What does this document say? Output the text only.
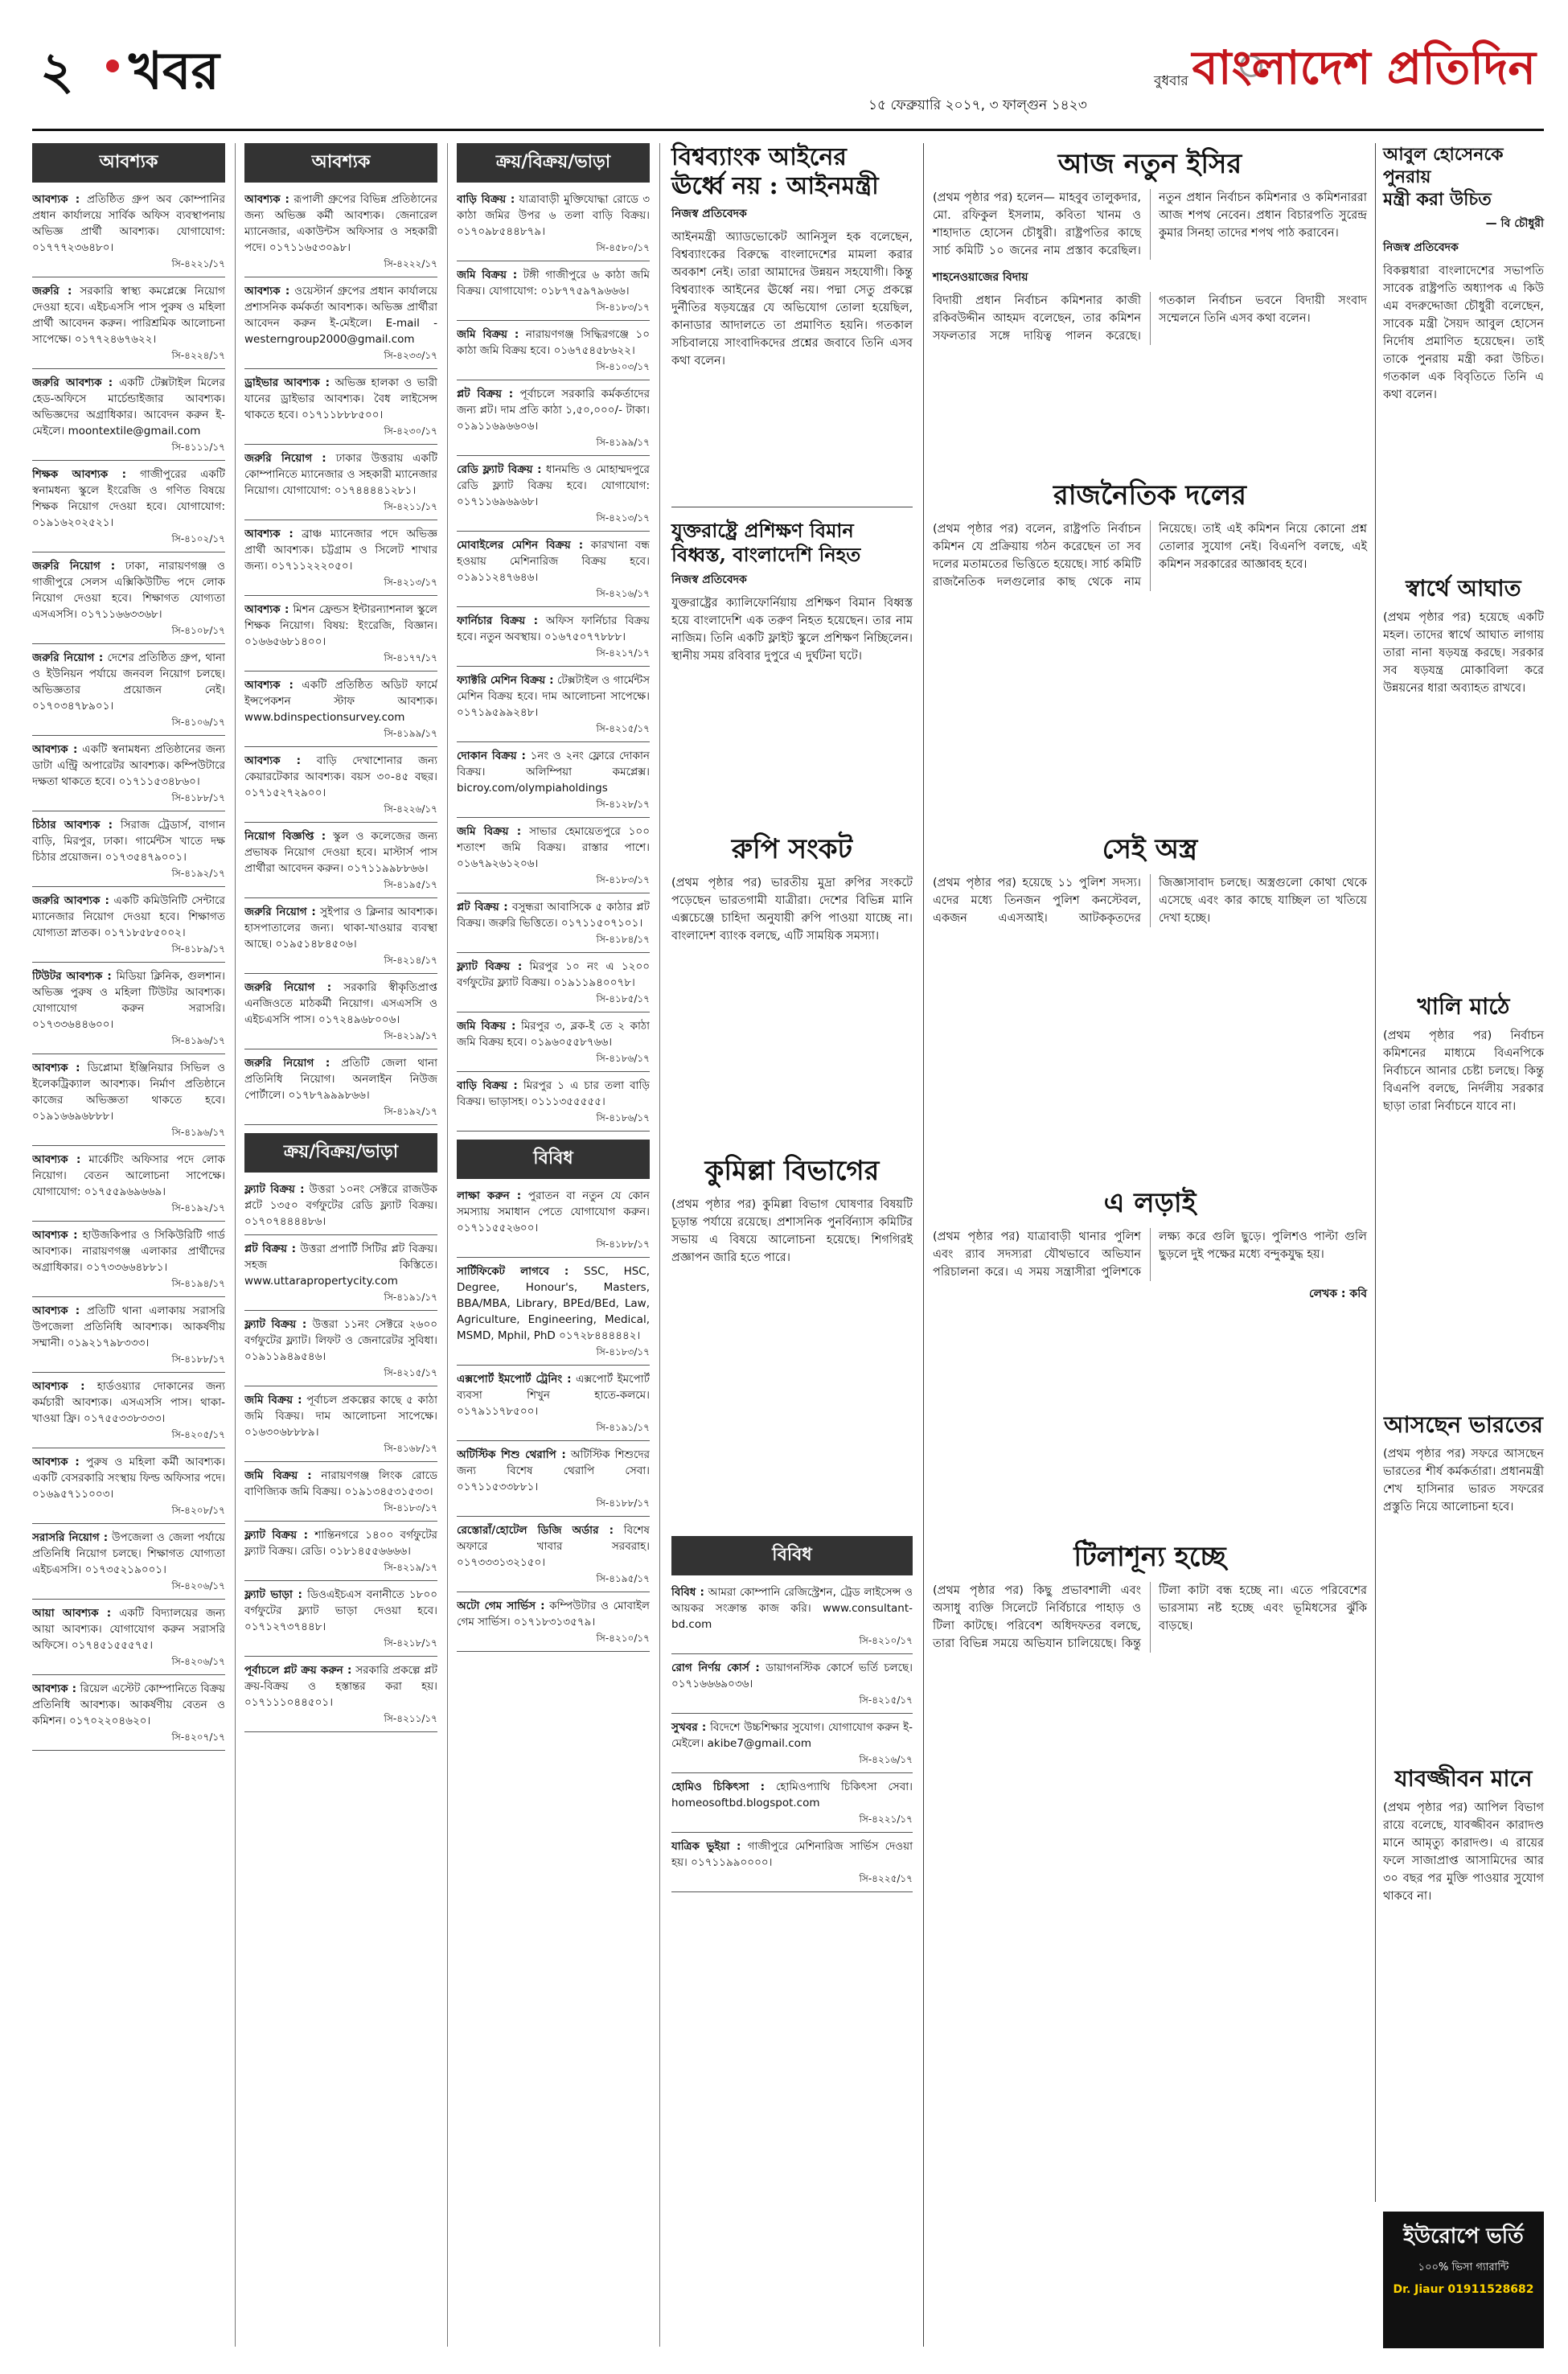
২ খবর	বুধবার
১৫ ফেব্রুয়ারি ২০১৭, ৩ ফাল্গুন ১৪২৩
বাংলাদেশ প্রতিদিন
আবশ্যক
আবশ্যক : প্রতিষ্ঠিত গ্রুপ অব কোম্পানির প্রধান কার্যালয়ে সার্বিক অফিস ব্যবস্থাপনায় অভিজ্ঞ প্রার্থী আবশ্যক। যোগাযোগ: ০১৭৭৭২৩৬৪৮০।
সি-৪২২১/১৭
জরুরি : সরকারি স্বাস্থ্য কমপ্লেক্সে নিয়োগ দেওয়া হবে। এইচএসসি পাস পুরুষ ও মহিলা প্রার্থী আবেদন করুন। পারিশ্রমিক আলোচনা সাপেক্ষে। ০১৭৭২৪৬৭৬২২।
সি-৪২২৪/১৭
জরুরি আবশ্যক : একটি টেক্সটাইল মিলের হেড-অফিসে মার্চেন্ডাইজার আবশ্যক। অভিজ্ঞদের অগ্রাধিকার। আবেদন করুন ই-মেইলে। moontextile@gmail.com
সি-৪১১১/১৭
শিক্ষক আবশ্যক : গাজীপুরের একটি স্বনামধন্য স্কুলে ইংরেজি ও গণিত বিষয়ে শিক্ষক নিয়োগ দেওয়া হবে। যোগাযোগ: ০১৯১৬২০২৫২১।
সি-৪১০২/১৭
জরুরি নিয়োগ : ঢাকা, নারায়ণগঞ্জ ও গাজীপুরে সেলস এক্সিকিউটিভ পদে লোক নিয়োগ দেওয়া হবে। শিক্ষাগত যোগ্যতা এসএসসি। ০১৭১১৬৬৩৩৬৮।
সি-৪১০৮/১৭
জরুরি নিয়োগ : দেশের প্রতিষ্ঠিত গ্রুপ, থানা ও ইউনিয়ন পর্যায়ে জনবল নিয়োগ চলছে। অভিজ্ঞতার প্রয়োজন নেই। ০১৭০৩৪৭৮৯০১।
সি-৪১০৬/১৭
আবশ্যক : একটি স্বনামধন্য প্রতিষ্ঠানের জন্য ডাটা এন্ট্রি অপারেটর আবশ্যক। কম্পিউটারে দক্ষতা থাকতে হবে। ০১৭১১৫৩৪৮৬০।
সি-৪১৮৮/১৭
চিঠার আবশ্যক : সিরাজ ট্রেডার্স, বাগান বাড়ি, মিরপুর, ঢাকা। গার্মেন্টস খাতে দক্ষ চিঠার প্রয়োজন। ০১৭৩৫৪৭৯০০১।
সি-৪১৯২/১৭
জরুরি আবশ্যক : একটি কমিউনিটি সেন্টারে ম্যানেজার নিয়োগ দেওয়া হবে। শিক্ষাগত যোগ্যতা স্নাতক। ০১৭১৮৫৮৫০০২।
সি-৪১৮৯/১৭
টিউটর আবশ্যক : মিডিয়া ক্লিনিক, গুলশান। অভিজ্ঞ পুরুষ ও মহিলা টিউটর আবশ্যক। যোগাযোগ করুন সরাসরি। ০১৭৩৩৬৪৪৬০০।
সি-৪১৯৬/১৭
আবশ্যক : ডিপ্লোমা ইঞ্জিনিয়ার সিভিল ও ইলেকট্রিক্যাল আবশ্যক। নির্মাণ প্রতিষ্ঠানে কাজের অভিজ্ঞতা থাকতে হবে। ০১৯১৬৬৯৬৮৮৮।
সি-৪১৯৬/১৭
আবশ্যক : মার্কেটিং অফিসার পদে লোক নিয়োগ। বেতন আলোচনা সাপেক্ষে। যোগাযোগ: ০১৭৫৫৯৬৯৬৬৯।
সি-৪১৯২/১৭
আবশ্যক : হাউজকিপার ও সিকিউরিটি গার্ড আবশ্যক। নারায়ণগঞ্জ এলাকার প্রার্থীদের অগ্রাধিকার। ০১৭৩৩৬৬৪৮৮১।
সি-৪১৯৪/১৭
আবশ্যক : প্রতিটি থানা এলাকায় সরাসরি উপজেলা প্রতিনিধি আবশ্যক। আকর্ষণীয় সম্মানী। ০১৯২১৭৯৮৩৩৩।
সি-৪১৮৮/১৭
আবশ্যক : হার্ডওয়্যার দোকানের জন্য কর্মচারী আবশ্যক। এসএসসি পাস। থাকা-খাওয়া ফ্রি। ০১৭৫৫৩৩৮৩৩৩।
সি-৪২০৫/১৭
আবশ্যক : পুরুষ ও মহিলা কর্মী আবশ্যক। একটি বেসরকারি সংস্থায় ফিল্ড অফিসার পদে। ০১৬৯৫৭১১০০৩।
সি-৪২০৮/১৭
সরাসরি নিয়োগ : উপজেলা ও জেলা পর্যায়ে প্রতিনিধি নিয়োগ চলছে। শিক্ষাগত যোগ্যতা এইচএসসি। ০১৭৩৫২১৯০০১।
সি-৪২০৬/১৭
আয়া আবশ্যক : একটি বিদ্যালয়ের জন্য আয়া আবশ্যক। যোগাযোগ করুন সরাসরি অফিসে। ০১৭৪৫১৫৫৫৭৫।
সি-৪২০৬/১৭
আবশ্যক : রিয়েল এস্টেট কোম্পানিতে বিক্রয় প্রতিনিধি আবশ্যক। আকর্ষণীয় বেতন ও কমিশন। ০১৭০২২০৪৬২০।
সি-৪২০৭/১৭
আবশ্যক
আবশ্যক : রূপালী গ্রুপের বিভিন্ন প্রতিষ্ঠানের জন্য অভিজ্ঞ কর্মী আবশ্যক। জেনারেল ম্যানেজার, একাউন্টস অফিসার ও সহকারী পদে। ০১৭১১৬৫৩০৯৮।
সি-৪২২২/১৭
আবশ্যক : ওয়েস্টার্ন গ্রুপের প্রধান কার্যালয়ে প্রশাসনিক কর্মকর্তা আবশ্যক। অভিজ্ঞ প্রার্থীরা আবেদন করুন ই-মেইলে। E-mail - westerngroup2000@gmail.com
সি-৪২৩৩/১৭
ড্রাইভার আবশ্যক : অভিজ্ঞ হালকা ও ভারী যানের ড্রাইভার আবশ্যক। বৈধ লাইসেন্স থাকতে হবে। ০১৭১১৮৮৮৫০০।
সি-৪২৩০/১৭
জরুরি নিয়োগ : ঢাকার উত্তরায় একটি কোম্পানিতে ম্যানেজার ও সহকারী ম্যানেজার নিয়োগ। যোগাযোগ: ০১৭৪৪৪৪১২৮১।
সি-৪২১১/১৭
আবশ্যক : ব্রাঞ্চ ম্যানেজার পদে অভিজ্ঞ প্রার্থী আবশ্যক। চট্টগ্রাম ও সিলেট শাখার জন্য। ০১৭১১২২২০৫০।
সি-৪২১৩/১৭
আবশ্যক : মিশন ফ্রেন্ডস ইন্টারন্যাশনাল স্কুলে শিক্ষক নিয়োগ। বিষয়: ইংরেজি, বিজ্ঞান। ০১৬৬৫৬৮১৪০০।
সি-৪১৭৭/১৭
আবশ্যক : একটি প্রতিষ্ঠিত অডিট ফার্মে ইন্সপেকশন স্টাফ আবশ্যক। www.bdinspectionsurvey.com
সি-৪১৯৯/১৭
আবশ্যক : বাড়ি দেখাশোনার জন্য কেয়ারটেকার আবশ্যক। বয়স ৩০-৪৫ বছর। ০১৭১৫২৭২৯০০।
সি-৪২২৬/১৭
নিয়োগ বিজ্ঞপ্তি : স্কুল ও কলেজের জন্য প্রভাষক নিয়োগ দেওয়া হবে। মাস্টার্স পাস প্রার্থীরা আবেদন করুন। ০১৭১১৯৯৮৮৬৬।
সি-৪১৯৫/১৭
জরুরি নিয়োগ : সুইপার ও ক্লিনার আবশ্যক। হাসপাতালের জন্য। থাকা-খাওয়ার ব্যবস্থা আছে। ০১৯৫১৪৮৪৫০৬।
সি-৪২১৪/১৭
জরুরি নিয়োগ : সরকারি স্বীকৃতিপ্রাপ্ত এনজিওতে মাঠকর্মী নিয়োগ। এসএসসি ও এইচএসসি পাস। ০১৭২৪৯৬৮০০৬।
সি-৪২১৯/১৭
জরুরি নিয়োগ : প্রতিটি জেলা থানা প্রতিনিধি নিয়োগ। অনলাইন নিউজ পোর্টালে। ০১৭৮৭৯৯৯৮৬৬।
সি-৪১৯২/১৭
ক্রয়/বিক্রয়/ভাড়া
ফ্ল্যাট বিক্রয় : উত্তরা ১০নং সেক্টরে রাজউক প্লটে ১৩৫০ বর্গফুটের রেডি ফ্ল্যাট বিক্রয়। ০১৭০৭৪৪৪৪৮৬।
প্লট বিক্রয় : উত্তরা প্রপার্টি সিটির প্লট বিক্রয়। সহজ কিস্তিতে। www.uttarapropertycity.com
সি-৪১৯১/১৭
ফ্ল্যাট বিক্রয় : উত্তরা ১১নং সেক্টরে ২৬০০ বর্গফুটের ফ্ল্যাট। লিফট ও জেনারেটর সুবিধা। ০১৯১১৯৪৯৫৪৬।
সি-৪২১৫/১৭
জমি বিক্রয় : পূর্বাচল প্রকল্পের কাছে ৫ কাঠা জমি বিক্রয়। দাম আলোচনা সাপেক্ষে। ০১৬৩০৬৮৮৮৯।
সি-৪১৬৮/১৭
জমি বিক্রয় : নারায়ণগঞ্জ লিংক রোডে বাণিজ্যিক জমি বিক্রয়। ০১৯১৩৪৫৩১৫৩৩।
সি-৪১৮৩/১৭
ফ্ল্যাট বিক্রয় : শান্তিনগরে ১৪০০ বর্গফুটের ফ্ল্যাট বিক্রয়। রেডি। ০১৮১৪৫৫৬৬৬৬।
সি-৪২১৯/১৭
ফ্ল্যাট ভাড়া : ডিওএইচএস বনানীতে ১৮০০ বর্গফুটের ফ্ল্যাট ভাড়া দেওয়া হবে। ০১৭১২৭৩৭৪৪৮।
সি-৪২১৮/১৭
পূর্বাচলে প্লট ক্রয় করুন : সরকারি প্রকল্পে প্লট ক্রয়-বিক্রয় ও হস্তান্তর করা হয়। ০১৭১১১০৪৪৫০১।
সি-৪২১১/১৭
ক্রয়/বিক্রয়/ভাড়া
বাড়ি বিক্রয় : যাত্রাবাড়ী মুক্তিযোদ্ধা রোডে ৩ কাঠা জমির উপর ৬ তলা বাড়ি বিক্রয়। ০১৭০৯৮৫৪৪৮৭৯।
সি-৪৫৮০/১৭
জমি বিক্রয় : টঙ্গী গাজীপুরে ৬ কাঠা জমি বিক্রয়। যোগাযোগ: ০১৮৭৭৫৯৭৯৬৬৬।
সি-৪১৮৩/১৭
জমি বিক্রয় : নারায়ণগঞ্জ সিদ্ধিরগঞ্জে ১০ কাঠা জমি বিক্রয় হবে। ০১৬৭৫৪৫৮৬২২।
সি-৪১০৩/১৭
প্লট বিক্রয় : পূর্বাচলে সরকারি কর্মকর্তাদের জন্য প্লট। দাম প্রতি কাঠা ১,৫০,০০০/- টাকা। ০১৯১১৬৯৬৬০৬।
সি-৪১৯৯/১৭
রেডি ফ্ল্যাট বিক্রয় : ধানমন্ডি ও মোহাম্মদপুরে রেডি ফ্ল্যাট বিক্রয় হবে। যোগাযোগ: ০১৭১১৬৯৬৯৬৮।
সি-৪২১৩/১৭
মোবাইলের মেশিন বিক্রয় : কারখানা বন্ধ হওয়ায় মেশিনারিজ বিক্রয় হবে। ০১৯১১২৪৭৬৪৬।
সি-৪২১৬/১৭
ফার্নিচার বিক্রয় : অফিস ফার্নিচার বিক্রয় হবে। নতুন অবস্থায়। ০১৬৭৫০৭৭৮৮৮।
সি-৪২১৭/১৭
ফ্যাক্টরি মেশিন বিক্রয় : টেক্সটাইল ও গার্মেন্টস মেশিন বিক্রয় হবে। দাম আলোচনা সাপেক্ষে। ০১৭১৯৫৯৯২৪৮।
সি-৪২১৫/১৭
দোকান বিক্রয় : ১নং ও ২নং ফ্লোরে দোকান বিক্রয়। অলিম্পিয়া কমপ্লেক্স। bicroy.com/olympiaholdings
সি-৪১২৮/১৭
জমি বিক্রয় : সাভার হেমায়েতপুরে ১০০ শতাংশ জমি বিক্রয়। রাস্তার পাশে। ০১৬৭৯২৬১২০৬।
সি-৪১৮৩/১৭
প্লট বিক্রয় : বসুন্ধরা আবাসিকে ৫ কাঠার প্লট বিক্রয়। জরুরি ভিত্তিতে। ০১৭১১৫০৭১০১।
সি-৪১৮৪/১৭
ফ্ল্যাট বিক্রয় : মিরপুর ১০ নং এ ১২০০ বর্গফুটের ফ্ল্যাট বিক্রয়। ০১৯১১৯৪০০৭৮।
সি-৪১৮৫/১৭
জমি বিক্রয় : মিরপুর ৩, ব্লক-ই তে ২ কাঠা জমি বিক্রয় হবে। ০১৯৬০৫৫৮৭৬৬।
সি-৪১৮৬/১৭
বাড়ি বিক্রয় : মিরপুর ১ এ চার তলা বাড়ি বিক্রয়। ভাড়াসহ। ০১১১৩৫৫৫৫৫।
সি-৪১৮৬/১৭
বিবিধ
লাক্ষা করুন : পুরাতন বা নতুন যে কোন সমস্যায় সমাধান পেতে যোগাযোগ করুন। ০১৭১১৫৫২৬০০।
সি-৪১৮৮/১৭
সার্টিফিকেট লাগবে : SSC, HSC, Degree, Honour's, Masters, BBA/MBA, Library, BPEd/BEd, Law, Agriculture, Engineering, Medical, MSMD, Mphil, PhD ০১৭২৮৪৪৪৪৪২।
সি-৪১৮৩/১৭
এক্সপোর্ট ইমপোর্ট ট্রেনিং : এক্সপোর্ট ইমপোর্ট ব্যবসা শিখুন হাতে-কলমে। ০১৭৯১১৭৮৫০০।
সি-৪১৯১/১৭
অটিস্টিক শিশু থেরাপি : অটিস্টিক শিশুদের জন্য বিশেষ থেরাপি সেবা। ০১৭১১৫৩৩৮৮১।
সি-৪১৮৮/১৭
রেস্তোরাঁ/হোটেল ডিজি অর্ডার : বিশেষ অফারে খাবার সরবরাহ। ০১৭৩৩৩১৩২১৫০।
সি-৪১৯৫/১৭
অটো গেম সার্ভিস : কম্পিউটার ও মোবাইল গেম সার্ভিস। ০১৭১৮৩১৩৫৭৯।
সি-৪২১০/১৭
বিশ্বব্যাংক আইনের
ঊর্ধ্বে নয় : আইনমন্ত্রী
নিজস্ব প্রতিবেদক
আইনমন্ত্রী অ্যাডভোকেট আনিসুল হক বলেছেন, বিশ্বব্যাংকের বিরুদ্ধে বাংলাদেশের মামলা করার অবকাশ নেই। তারা আমাদের উন্নয়ন সহযোগী। কিন্তু বিশ্বব্যাংক আইনের ঊর্ধ্বে নয়। পদ্মা সেতু প্রকল্পে দুর্নীতির ষড়যন্ত্রের যে অভিযোগ তোলা হয়েছিল, কানাডার আদালতে তা প্রমাণিত হয়নি। গতকাল সচিবালয়ে সাংবাদিকদের প্রশ্নের জবাবে তিনি এসব কথা বলেন।
যুক্তরাষ্ট্রে প্রশিক্ষণ বিমান বিধ্বস্ত, বাংলাদেশি নিহত
নিজস্ব প্রতিবেদক
যুক্তরাষ্ট্রের ক্যালিফোর্নিয়ায় প্রশিক্ষণ বিমান বিধ্বস্ত হয়ে বাংলাদেশি এক তরুণ নিহত হয়েছেন। তার নাম নাজিম। তিনি একটি ফ্লাইট স্কুলে প্রশিক্ষণ নিচ্ছিলেন। স্থানীয় সময় রবিবার দুপুরে এ দুর্ঘটনা ঘটে।
রুপি সংকট
(প্রথম পৃষ্ঠার পর) ভারতীয় মুদ্রা রুপির সংকটে পড়েছেন ভারতগামী যাত্রীরা। দেশের বিভিন্ন মানি এক্সচেঞ্জে চাহিদা অনুযায়ী রুপি পাওয়া যাচ্ছে না। বাংলাদেশ ব্যাংক বলছে, এটি সাময়িক সমস্যা।
কুমিল্লা বিভাগের
(প্রথম পৃষ্ঠার পর) কুমিল্লা বিভাগ ঘোষণার বিষয়টি চূড়ান্ত পর্যায়ে রয়েছে। প্রশাসনিক পুনর্বিন্যাস কমিটির সভায় এ বিষয়ে আলোচনা হয়েছে। শিগগিরই প্রজ্ঞাপন জারি হতে পারে।
বিবিধ
বিবিধ : আমরা কোম্পানি রেজিস্ট্রেশন, ট্রেড লাইসেন্স ও আয়কর সংক্রান্ত কাজ করি। www.consultant-bd.com
সি-৪২১০/১৭
রোগ নির্ণয় কোর্স : ডায়াগনস্টিক কোর্সে ভর্তি চলছে। ০১৭১৬৬৬৯০৩৬।
সি-৪২১৫/১৭
সুখবর : বিদেশে উচ্চশিক্ষার সুযোগ। যোগাযোগ করুন ই-মেইলে। akibe7@gmail.com
সি-৪২১৬/১৭
হোমিও চিকিৎসা : হোমিওপ্যাথি চিকিৎসা সেবা। homeosoftbd.blogspot.com
সি-৪২২১/১৭
যাত্রিক ভুইয়া : গাজীপুরে মেশিনারিজ সার্ভিস দেওয়া হয়। ০১৭১১৯৯০০০০।
সি-৪২২৫/১৭
আজ নতুন ইসির
(প্রথম পৃষ্ঠার পর) হলেন— মাহবুব তালুকদার, মো. রফিকুল ইসলাম, কবিতা খানম ও শাহাদাত হোসেন চৌধুরী। রাষ্ট্রপতির কাছে সার্চ কমিটি ১০ জনের নাম প্রস্তাব করেছিল। নতুন প্রধান নির্বাচন কমিশনার ও কমিশনাররা আজ শপথ নেবেন। প্রধান বিচারপতি সুরেন্দ্র কুমার সিনহা তাদের শপথ পাঠ করাবেন।
শাহনেওয়াজের বিদায়
বিদায়ী প্রধান নির্বাচন কমিশনার কাজী রকিবউদ্দীন আহমদ বলেছেন, তার কমিশন সফলতার সঙ্গে দায়িত্ব পালন করেছে। গতকাল নির্বাচন ভবনে বিদায়ী সংবাদ সম্মেলনে তিনি এসব কথা বলেন।
রাজনৈতিক দলের
(প্রথম পৃষ্ঠার পর) বলেন, রাষ্ট্রপতি নির্বাচন কমিশন যে প্রক্রিয়ায় গঠন করেছেন তা সব দলের মতামতের ভিত্তিতে হয়েছে। সার্চ কমিটি রাজনৈতিক দলগুলোর কাছ থেকে নাম নিয়েছে। তাই এই কমিশন নিয়ে কোনো প্রশ্ন তোলার সুযোগ নেই। বিএনপি বলছে, এই কমিশন সরকারের আজ্ঞাবহ হবে।
সেই অস্ত্র
(প্রথম পৃষ্ঠার পর) হয়েছে ১১ পুলিশ সদস্য। এদের মধ্যে তিনজন পুলিশ কনস্টেবল, একজন এএসআই। আটককৃতদের জিজ্ঞাসাবাদ চলছে। অস্ত্রগুলো কোথা থেকে এসেছে এবং কার কাছে যাচ্ছিল তা খতিয়ে দেখা হচ্ছে।
এ লড়াই
(প্রথম পৃষ্ঠার পর) যাত্রাবাড়ী থানার পুলিশ এবং র‌্যাব সদস্যরা যৌথভাবে অভিযান পরিচালনা করে। এ সময় সন্ত্রাসীরা পুলিশকে লক্ষ্য করে গুলি ছুড়ে। পুলিশও পাল্টা গুলি ছুড়লে দুই পক্ষের মধ্যে বন্দুকযুদ্ধ হয়।
লেখক : কবি
টিলাশূন্য হচ্ছে
(প্রথম পৃষ্ঠার পর) কিছু প্রভাবশালী এবং অসাধু ব্যক্তি সিলেটে নির্বিচারে পাহাড় ও টিলা কাটছে। পরিবেশ অধিদফতর বলছে, তারা বিভিন্ন সময়ে অভিযান চালিয়েছে। কিন্তু টিলা কাটা বন্ধ হচ্ছে না। এতে পরিবেশের ভারসাম্য নষ্ট হচ্ছে এবং ভূমিধসের ঝুঁকি বাড়ছে।
আবুল হোসেনকে পুনরায়
মন্ত্রী করা উচিত
— বি চৌধুরী
নিজস্ব প্রতিবেদক
বিকল্পধারা বাংলাদেশের সভাপতি সাবেক রাষ্ট্রপতি অধ্যাপক এ কিউ এম বদরুদ্দোজা চৌধুরী বলেছেন, সাবেক মন্ত্রী সৈয়দ আবুল হোসেন নির্দোষ প্রমাণিত হয়েছেন। তাই তাকে পুনরায় মন্ত্রী করা উচিত। গতকাল এক বিবৃতিতে তিনি এ কথা বলেন।
স্বার্থে আঘাত
(প্রথম পৃষ্ঠার পর) হয়েছে একটি মহল। তাদের স্বার্থে আঘাত লাগায় তারা নানা ষড়যন্ত্র করছে। সরকার সব ষড়যন্ত্র মোকাবিলা করে উন্নয়নের ধারা অব্যাহত রাখবে।
খালি মাঠে
(প্রথম পৃষ্ঠার পর) নির্বাচন কমিশনের মাধ্যমে বিএনপিকে নির্বাচনে আনার চেষ্টা চলছে। কিন্তু বিএনপি বলছে, নির্দলীয় সরকার ছাড়া তারা নির্বাচনে যাবে না।
আসছেন ভারতের
(প্রথম পৃষ্ঠার পর) সফরে আসছেন ভারতের শীর্ষ কর্মকর্তারা। প্রধানমন্ত্রী শেখ হাসিনার ভারত সফরের প্রস্তুতি নিয়ে আলোচনা হবে।
যাবজ্জীবন মানে
(প্রথম পৃষ্ঠার পর) আপিল বিভাগ রায়ে বলেছে, যাবজ্জীবন কারাদণ্ড মানে আমৃত্যু কারাদণ্ড। এ রায়ের ফলে সাজাপ্রাপ্ত আসামিদের আর ৩০ বছর পর মুক্তি পাওয়ার সুযোগ থাকবে না।
ইউরোপে ভর্তি
১০০% ভিসা গ্যারান্টি
Dr. Jiaur 01911528682
